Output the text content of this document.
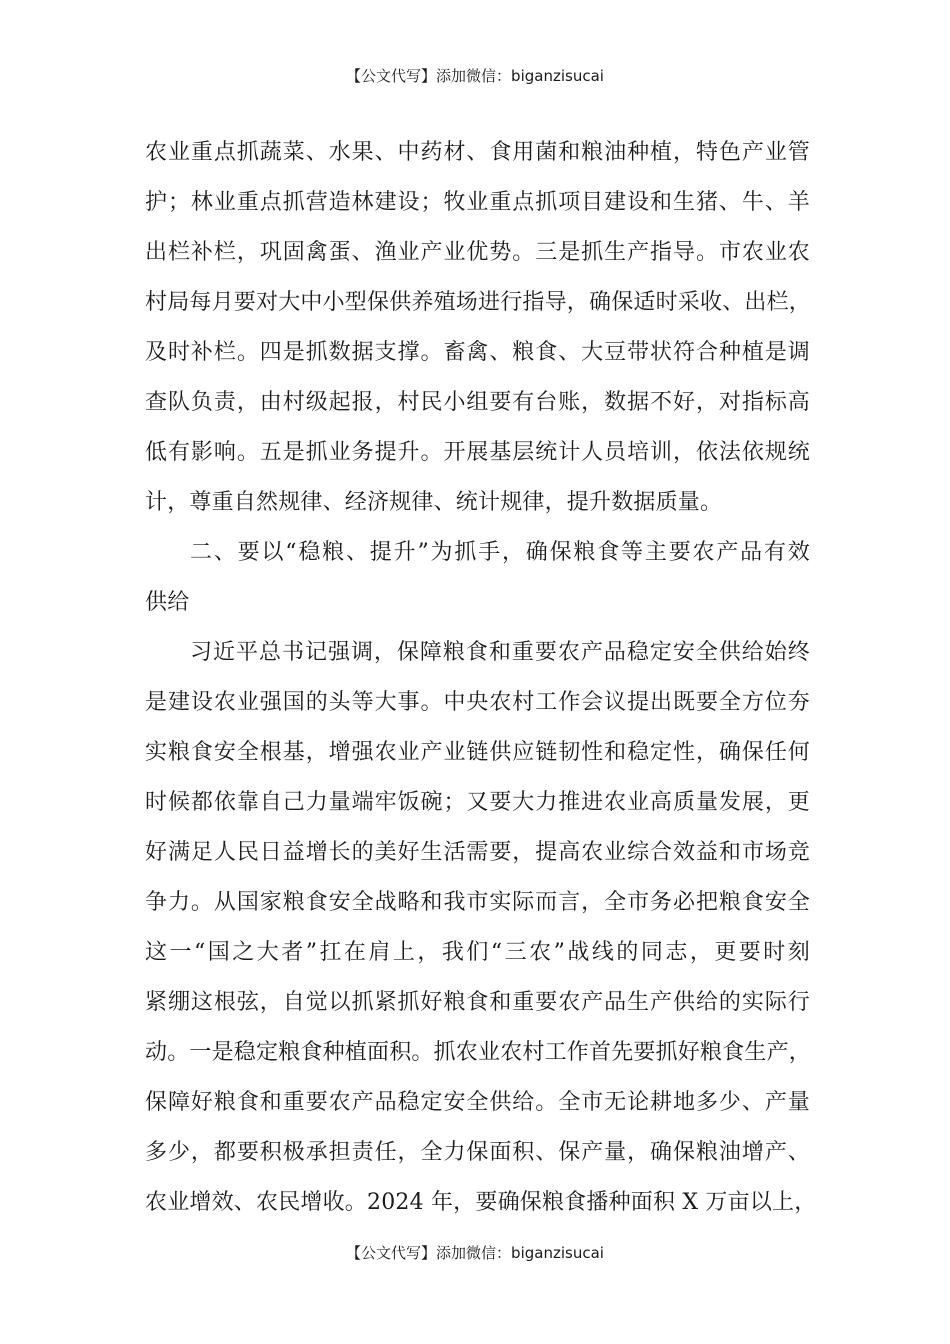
【公文代写】添加微信：biganzisucai
农业重点抓蔬菜、水果、中药材、食用菌和粮油种植，特色产业管
护；林业重点抓营造林建设；牧业重点抓项目建设和生猪、牛、羊
出栏补栏，巩固禽蛋、渔业产业优势。三是抓生产指导。市农业农
村局每月要对大中小型保供养殖场进行指导，确保适时采收、出栏，
及时补栏。四是抓数据支撑。畜禽、粮食、大豆带状符合种植是调
查队负责，由村级起报，村民小组要有台账，数据不好，对指标高
低有影响。五是抓业务提升。开展基层统计人员培训，依法依规统
计，尊重自然规律、经济规律、统计规律，提升数据质量。
二、要以“稳粮、提升”为抓手，确保粮食等主要农产品有效
供给
习近平总书记强调，保障粮食和重要农产品稳定安全供给始终
是建设农业强国的头等大事。中央农村工作会议提出既要全方位夯
实粮食安全根基，增强农业产业链供应链韧性和稳定性，确保任何
时候都依靠自己力量端牢饭碗；又要大力推进农业高质量发展，更
好满足人民日益增长的美好生活需要，提高农业综合效益和市场竞
争力。从国家粮食安全战略和我市实际而言，全市务必把粮食安全
这一“国之大者”扛在肩上，我们“三农”战线的同志，更要时刻
紧绷这根弦，自觉以抓紧抓好粮食和重要农产品生产供给的实际行
动。一是稳定粮食种植面积。抓农业农村工作首先要抓好粮食生产，
保障好粮食和重要农产品稳定安全供给。全市无论耕地多少、产量
多少，都要积极承担责任，全力保面积、保产量，确保粮油增产、
农业增效、农民增收。2024 年，要确保粮食播种面积 X 万亩以上，
【公文代写】添加微信：biganzisucai
